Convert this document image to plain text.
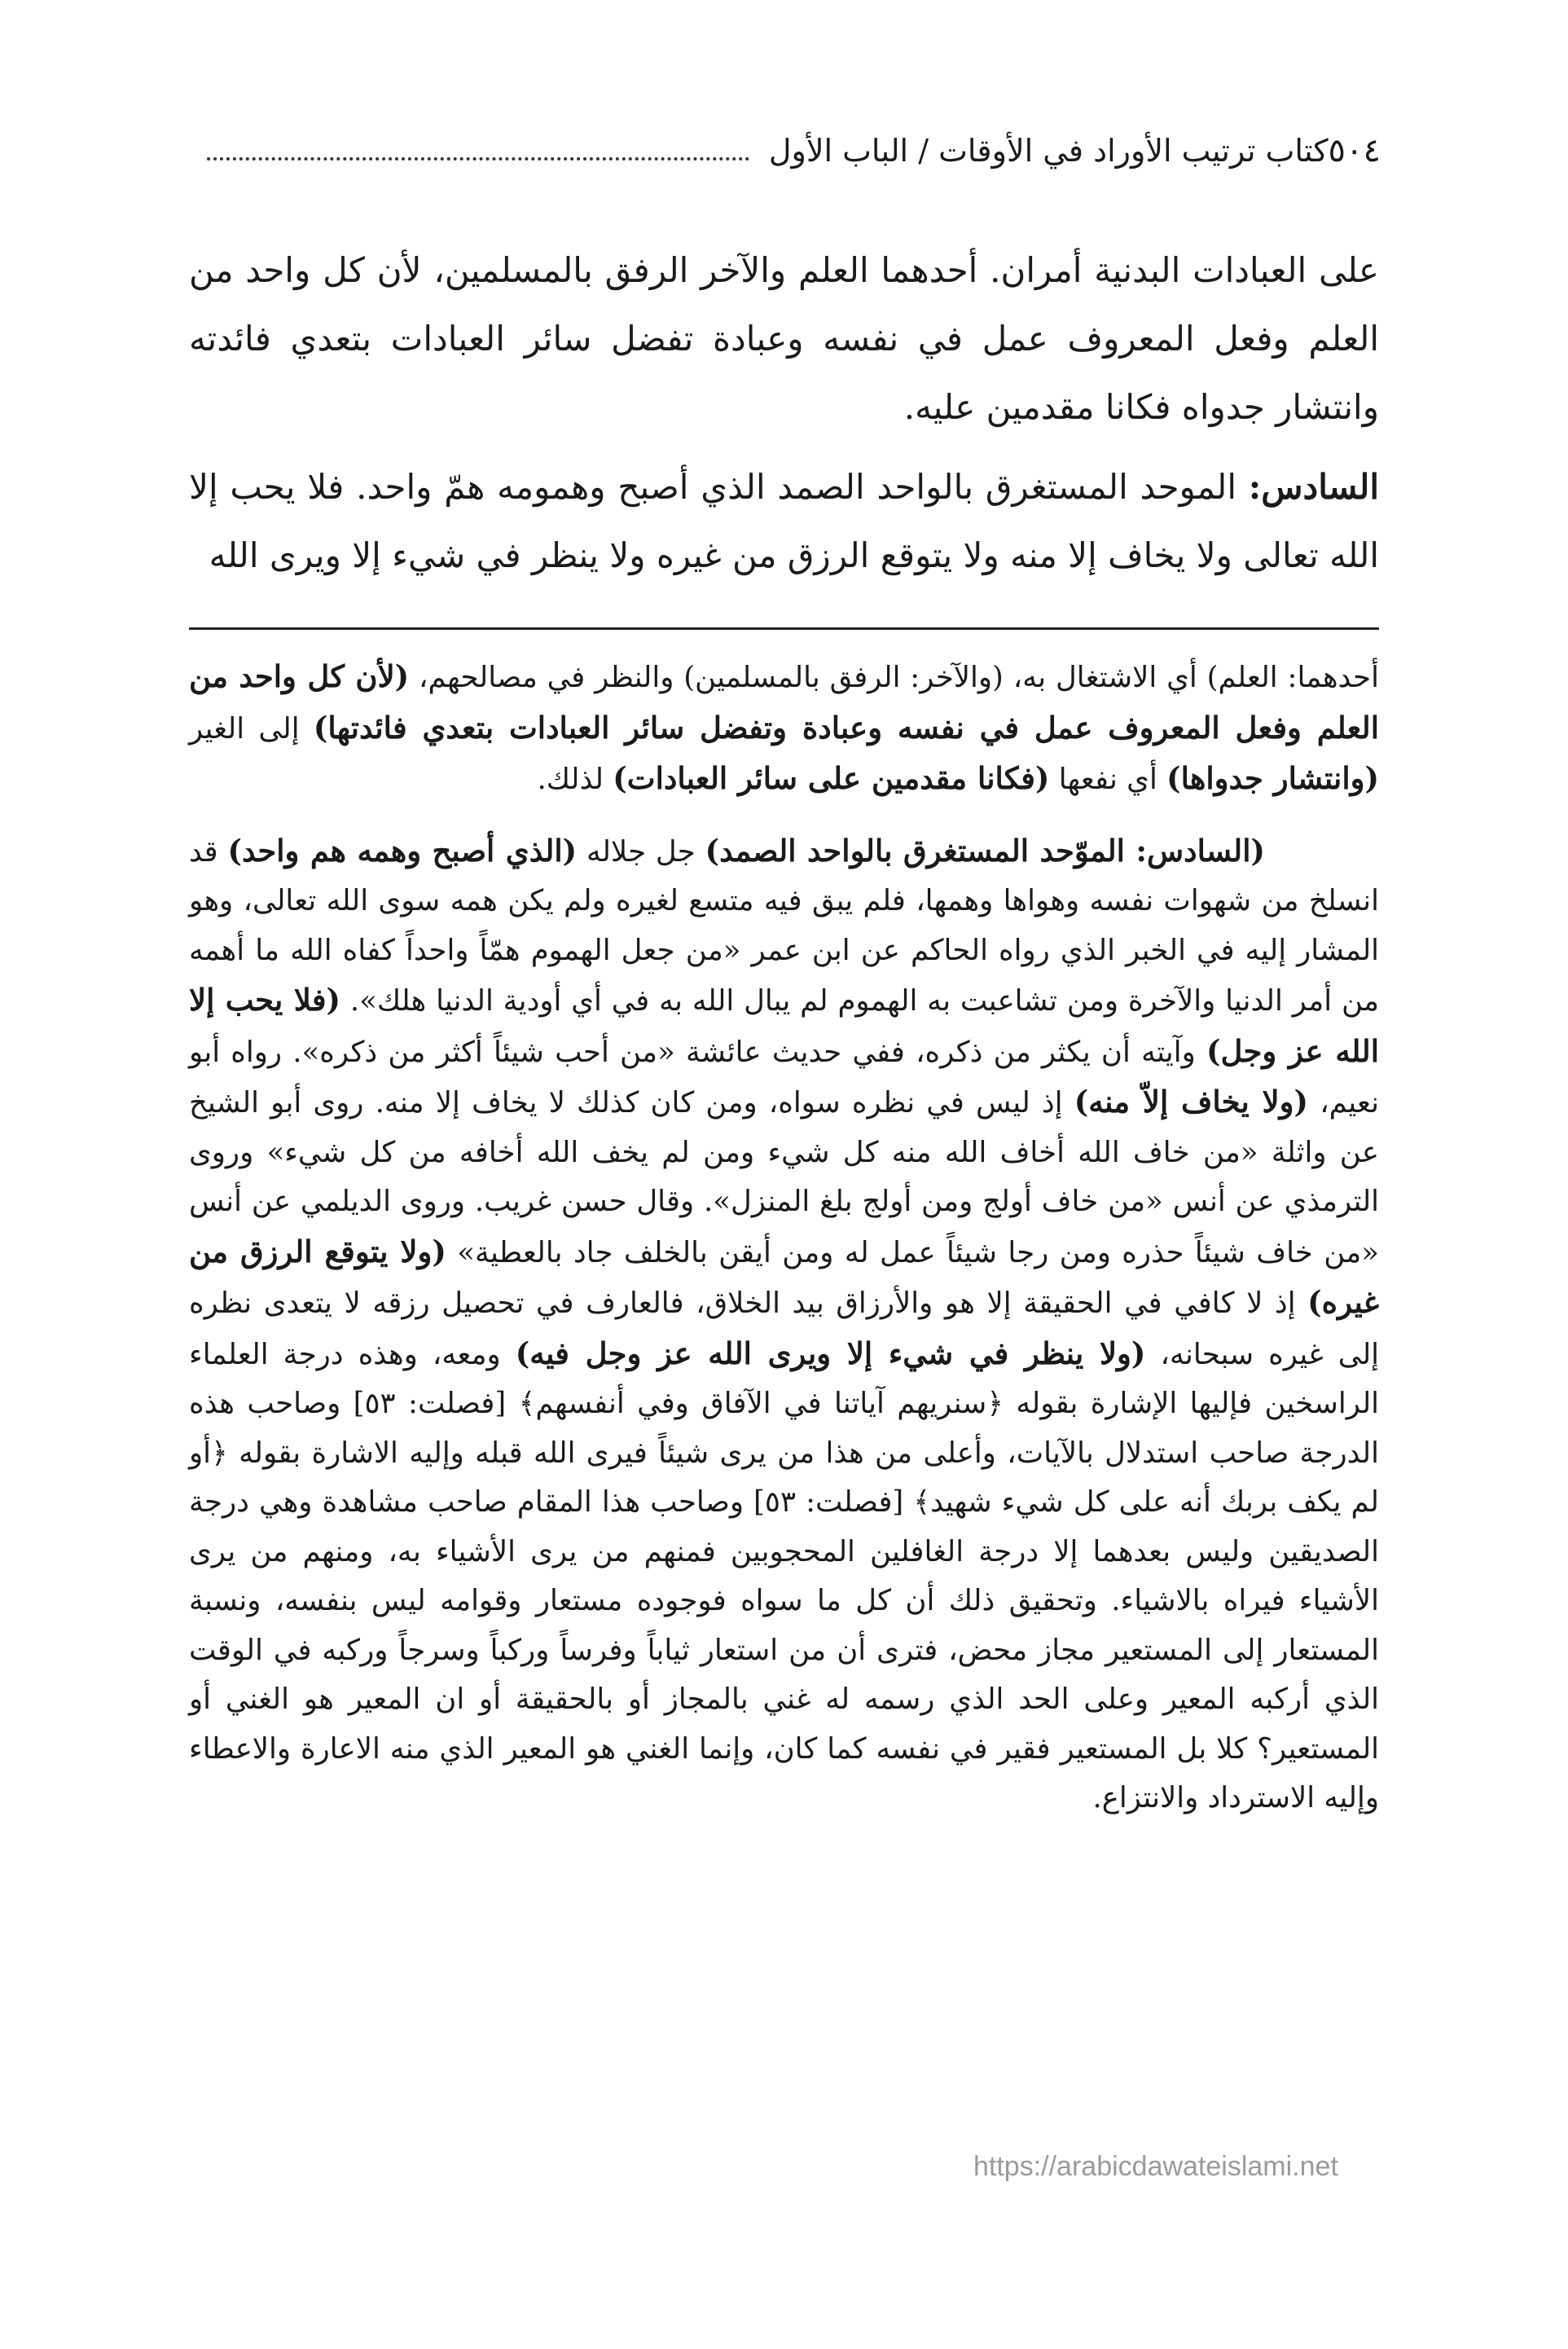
٥٠٤
كتاب ترتيب الأوراد في الأوقات / الباب الأول

على العبادات البدنية أمران. أحدهما العلم والآخر الرفق بالمسلمين، لأن كل واحد من العلم وفعل المعروف عمل في نفسه وعبادة تفضل سائر العبادات بتعدي فائدته وانتشار جدواه فكانا مقدمين عليه.

السادس: الموحد المستغرق بالواحد الصمد الذي أصبح وهمومه همّ واحد. فلا يحب إلا الله تعالى ولا يخاف إلا منه ولا يتوقع الرزق من غيره ولا ينظر في شيء إلا ويرى الله

أحدهما: العلم) أي الاشتغال به، (والآخر: الرفق بالمسلمين) والنظر في مصالحهم، (لأن كل واحد من العلم وفعل المعروف عمل في نفسه وعبادة وتفضل سائر العبادات بتعدي فائدتها) إلى الغير (وانتشار جدواها) أي نفعها (فكانا مقدمين على سائر العبادات) لذلك.

(السادس: الموّحد المستغرق بالواحد الصمد) جل جلاله (الذي أصبح وهمه هم واحد) قد انسلخ من شهوات نفسه وهواها وهمها، فلم يبق فيه متسع لغيره ولم يكن همه سوى الله تعالى، وهو المشار إليه في الخبر الذي رواه الحاكم عن ابن عمر «من جعل الهموم همّاً واحداً كفاه الله ما أهمه من أمر الدنيا والآخرة ومن تشاعبت به الهموم لم يبال الله به في أي أودية الدنيا هلك». (فلا يحب إلا الله عز وجل) وآيته أن يكثر من ذكره، ففي حديث عائشة «من أحب شيئاً أكثر من ذكره». رواه أبو نعيم، (ولا يخاف إلاّ منه) إذ ليس في نظره سواه، ومن كان كذلك لا يخاف إلا منه. روى أبو الشيخ عن واثلة «من خاف الله أخاف الله منه كل شيء ومن لم يخف الله أخافه من كل شيء» وروى الترمذي عن أنس «من خاف أولج ومن أولج بلغ المنزل». وقال حسن غريب. وروى الديلمي عن أنس «من خاف شيئاً حذره ومن رجا شيئاً عمل له ومن أيقن بالخلف جاد بالعطية» (ولا يتوقع الرزق من غيره) إذ لا كافي في الحقيقة إلا هو والأرزاق بيد الخلاق، فالعارف في تحصيل رزقه لا يتعدى نظره إلى غيره سبحانه، (ولا ينظر في شيء إلا ويرى الله عز وجل فيه) ومعه، وهذه درجة العلماء الراسخين فإليها الإشارة بقوله ﴿سنريهم آياتنا في الآفاق وفي أنفسهم﴾ [فصلت: ٥٣] وصاحب هذه الدرجة صاحب استدلال بالآيات، وأعلى من هذا من يرى شيئاً فيرى الله قبله وإليه الاشارة بقوله ﴿أو لم يكف بربك أنه على كل شيء شهيد﴾ [فصلت: ٥٣] وصاحب هذا المقام صاحب مشاهدة وهي درجة الصديقين وليس بعدهما إلا درجة الغافلين المحجوبين فمنهم من يرى الأشياء به، ومنهم من يرى الأشياء فيراه بالاشياء. وتحقيق ذلك أن كل ما سواه فوجوده مستعار وقوامه ليس بنفسه، ونسبة المستعار إلى المستعير مجاز محض، فترى أن من استعار ثياباً وفرساً وركباً وسرجاً وركبه في الوقت الذي أركبه المعير وعلى الحد الذي رسمه له غني بالمجاز أو بالحقيقة أو ان المعير هو الغني أو المستعير؟ كلا بل المستعير فقير في نفسه كما كان، وإنما الغني هو المعير الذي منه الاعارة والاعطاء وإليه الاسترداد والانتزاع.

https://arabicdawateislami.net
